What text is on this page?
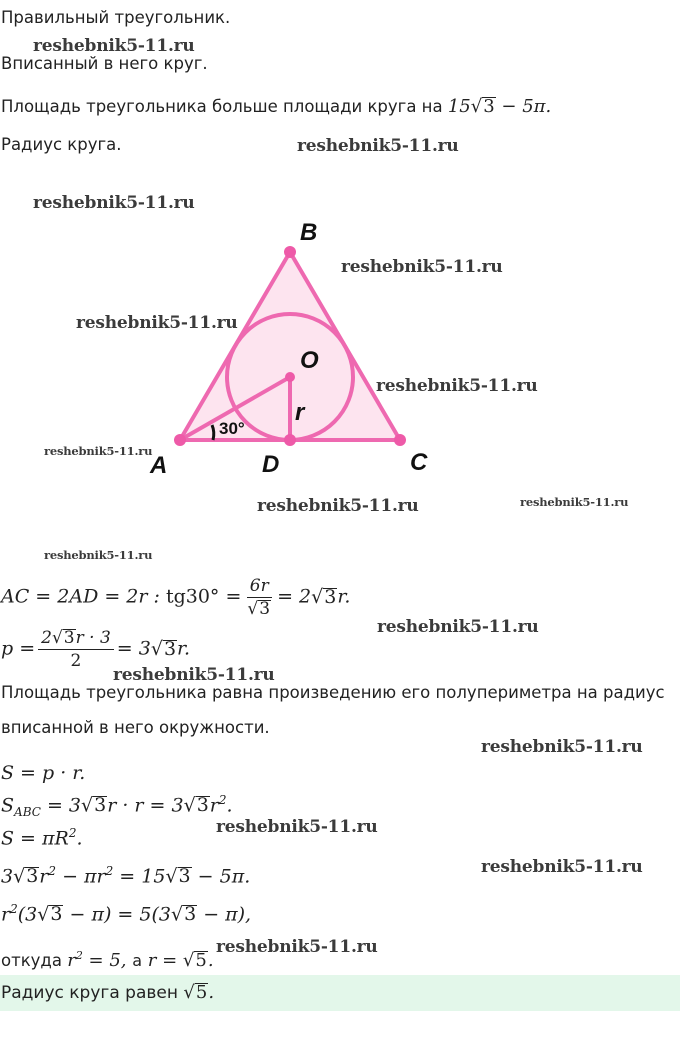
Правильный треугольник.
Вписанный в него круг.
Площадь треугольника больше площади круга на 15√3 − 5π.
Радиус круга.
B
A	C
D
O
r
30°
AC = 2AD = 2r : $tg30^\circ = \frac{6r}{√3} = 2√3r$.
$p = \frac{2√3r \cdot 3}{2} = 3√3r$.
Площадь треугольника равна произведению его полупериметра на радиус
вписанной в него окружности.
S = p · r.
$S_{ABC} = 3√3r \cdot r = 3√3r^2$.
$S = \pi R^2$.
$3√3r^2 - \pi r^2 = 15√3 - 5\pi$.
$r^2(3√3 - \pi) = 5(3√3 - \pi)$,
откуда $r^2 = 5$, а r = √5.
Радиус круга равен √5.
reshebnik5-11.ru
reshebnik5-11.ru
reshebnik5-11.ru
reshebnik5-11.ru
reshebnik5-11.ru
reshebnik5-11.ru
reshebnik5-11.ru
reshebnik5-11.ru	reshebnik5-11.ru
reshebnik5-11.ru
reshebnik5-11.ru
reshebnik5-11.ru
reshebnik5-11.ru
reshebnik5-11.ru
reshebnik5-11.ru
reshebnik5-11.ru
